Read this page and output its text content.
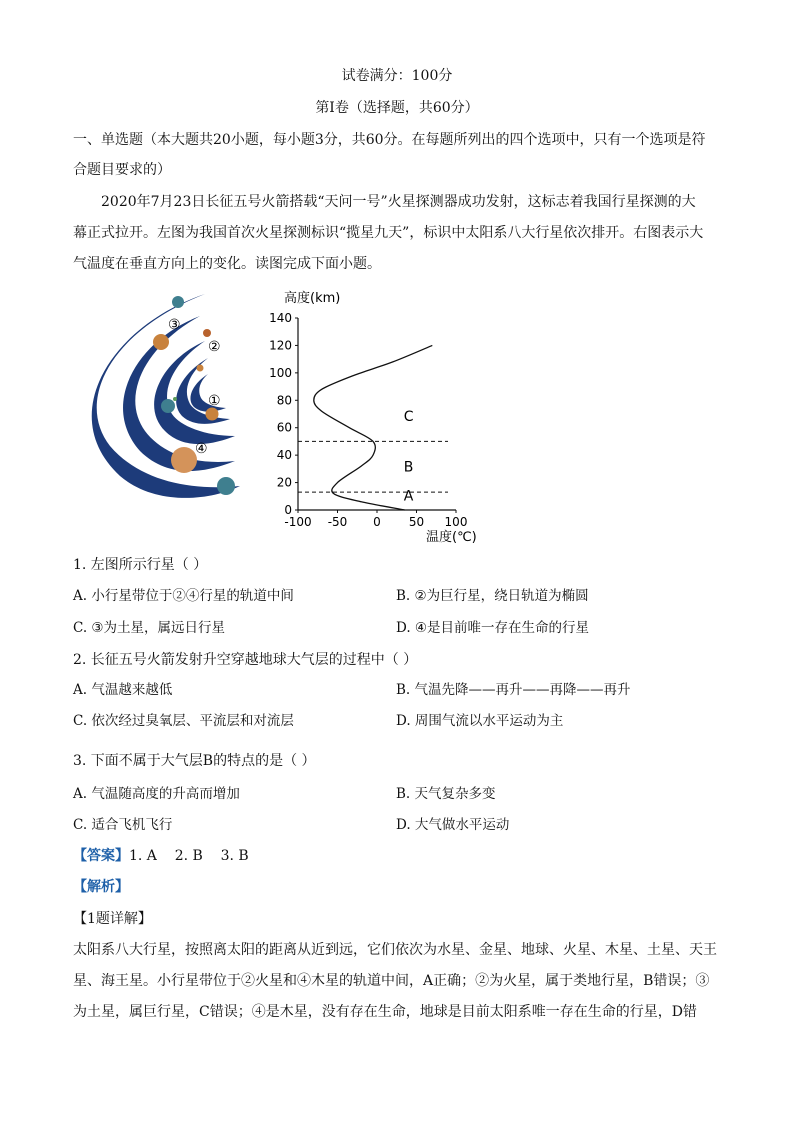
试卷满分：100分
第Ⅰ卷（选择题，共60分）
一、单选题（本大题共20小题，每小题3分，共60分。在每题所列出的四个选项中，只有一个选项是符
合题目要求的）
2020年7月23日长征五号火箭搭载“天问一号”火星探测器成功发射，这标志着我国行星探测的大
幕正式拉开。左图为我国首次火星探测标识“揽星九天”，标识中太阳系八大行星依次排开。右图表示大
气温度在垂直方向上的变化。读图完成下面小题。
③
②
①
④
高度(km)
温度(℃)
0
20
40
60
80
100
120
140
-100 -50 0 50 100
C
B
A
1. 左图所示行星（ ）
A. 小行星带位于②④行星的轨道中间	B. ②为巨行星，绕日轨道为椭圆
C. ③为土星，属远日行星	D. ④是目前唯一存在生命的行星
2. 长征五号火箭发射升空穿越地球大气层的过程中（ ）
A. 气温越来越低	B. 气温先降——再升——再降——再升
C. 依次经过臭氧层、平流层和对流层	D. 周围气流以水平运动为主
3. 下面不属于大气层B的特点的是（ ）
A. 气温随高度的升高而增加	B. 天气复杂多变
C. 适合飞机飞行	D. 大气做水平运动
【答案】1. A    2. B    3. B
【解析】
【1题详解】
太阳系八大行星，按照离太阳的距离从近到远，它们依次为水星、金星、地球、火星、木星、土星、天王
星、海王星。小行星带位于②火星和④木星的轨道中间，A正确；②为火星，属于类地行星，B错误；③
为土星，属巨行星，C错误；④是木星，没有存在生命，地球是目前太阳系唯一存在生命的行星，D错
